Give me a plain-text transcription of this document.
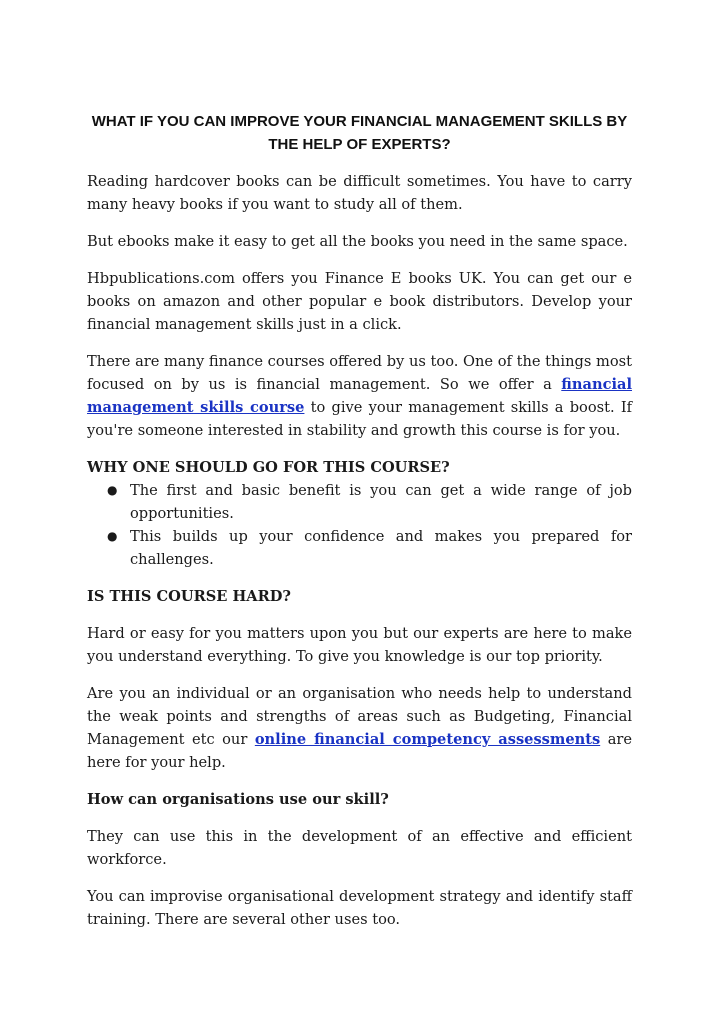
WHAT IF YOU CAN IMPROVE YOUR FINANCIAL MANAGEMENT SKILLS BY THE HELP OF EXPERTS?

Reading hardcover books can be difficult sometimes. You have to carry many heavy books if you want to study all of them.

But ebooks make it easy to get all the books you need in the same space.

Hbpublications.com offers you Finance E books UK. You can get our e books on amazon and other popular e book distributors. Develop your financial management skills just in a click.

There are many finance courses offered by us too. One of the things most focused on by us is financial management. So we offer a financial management skills course to give your management skills a boost. If you're someone interested in stability and growth this course is for you.

WHY ONE SHOULD GO FOR THIS COURSE?
● The first and basic benefit is you can get a wide range of job opportunities.
● This builds up your confidence and makes you prepared for challenges.
IS THIS COURSE HARD?

Hard or easy for you matters upon you but our experts are here to make you understand everything. To give you knowledge is our top priority.

Are you an individual or an organisation who needs help to understand the weak points and strengths of areas such as Budgeting, Financial Management etc our online financial competency assessments are here for your help.

How can organisations use our skill?

They can use this in the development of an effective and efficient workforce.

You can improvise organisational development strategy and identify staff training. There are several other uses too.
